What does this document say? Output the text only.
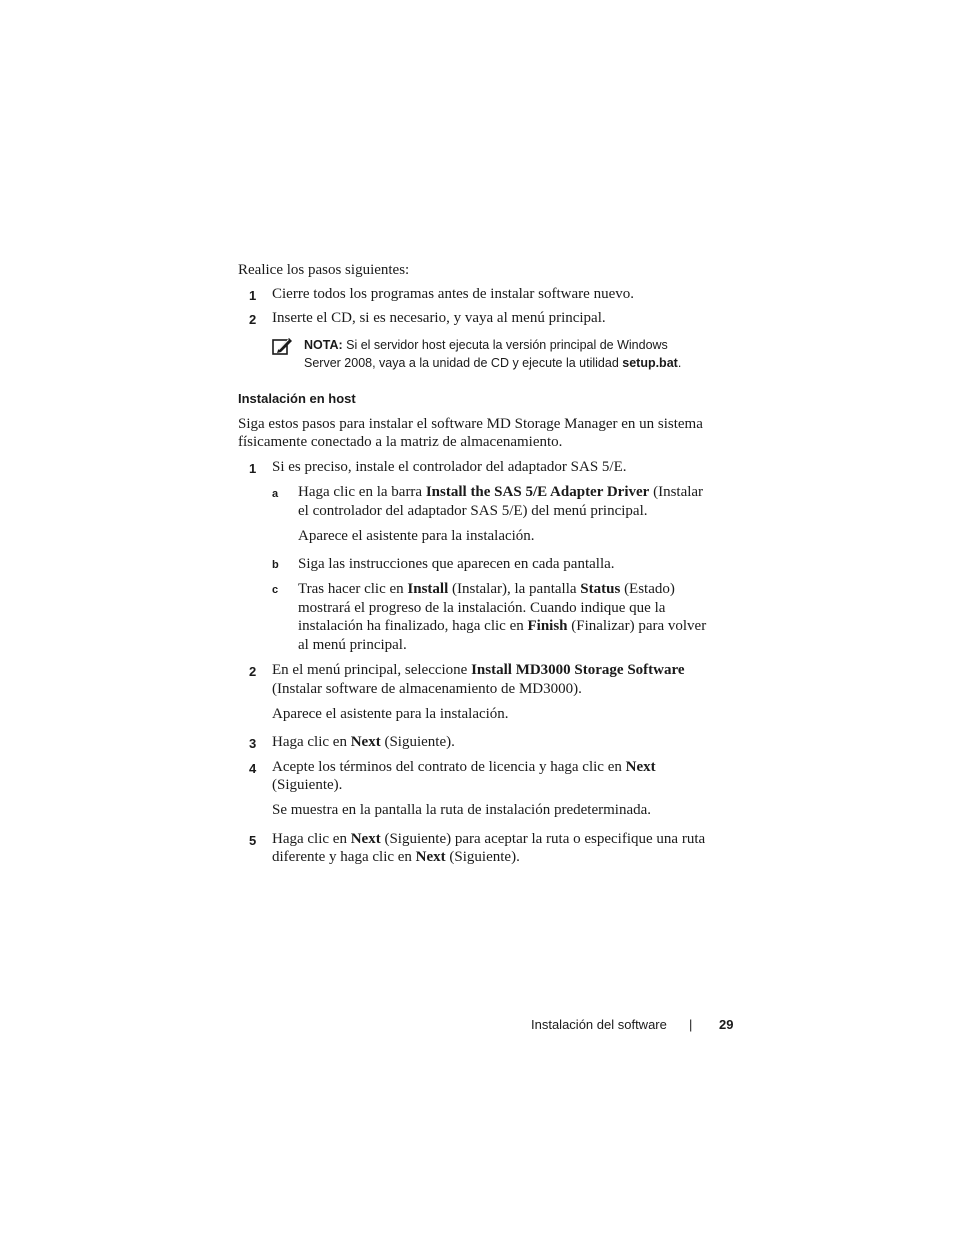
Realice los pasos siguientes:
1 Cierre todos los programas antes de instalar software nuevo.
2 Inserte el CD, si es necesario, y vaya al menú principal.
NOTA: Si el servidor host ejecuta la versión principal de Windows
Server 2008, vaya a la unidad de CD y ejecute la utilidad setup.bat.
Instalación en host
Siga estos pasos para instalar el software MD Storage Manager en un sistema
físicamente conectado a la matriz de almacenamiento.
1 Si es preciso, instale el controlador del adaptador SAS 5/E.
a Haga clic en la barra Install the SAS 5/E Adapter Driver (Instalar
el controlador del adaptador SAS 5/E) del menú principal.
Aparece el asistente para la instalación.
b Siga las instrucciones que aparecen en cada pantalla.
c Tras hacer clic en Install (Instalar), la pantalla Status (Estado)
mostrará el progreso de la instalación. Cuando indique que la
instalación ha finalizado, haga clic en Finish (Finalizar) para volver
al menú principal.
2 En el menú principal, seleccione Install MD3000 Storage Software
(Instalar software de almacenamiento de MD3000).
Aparece el asistente para la instalación.
3 Haga clic en Next (Siguiente).
4 Acepte los términos del contrato de licencia y haga clic en Next
(Siguiente).
Se muestra en la pantalla la ruta de instalación predeterminada.
5 Haga clic en Next (Siguiente) para aceptar la ruta o especifique una ruta
diferente y haga clic en Next (Siguiente).
Instalación del software | 29
